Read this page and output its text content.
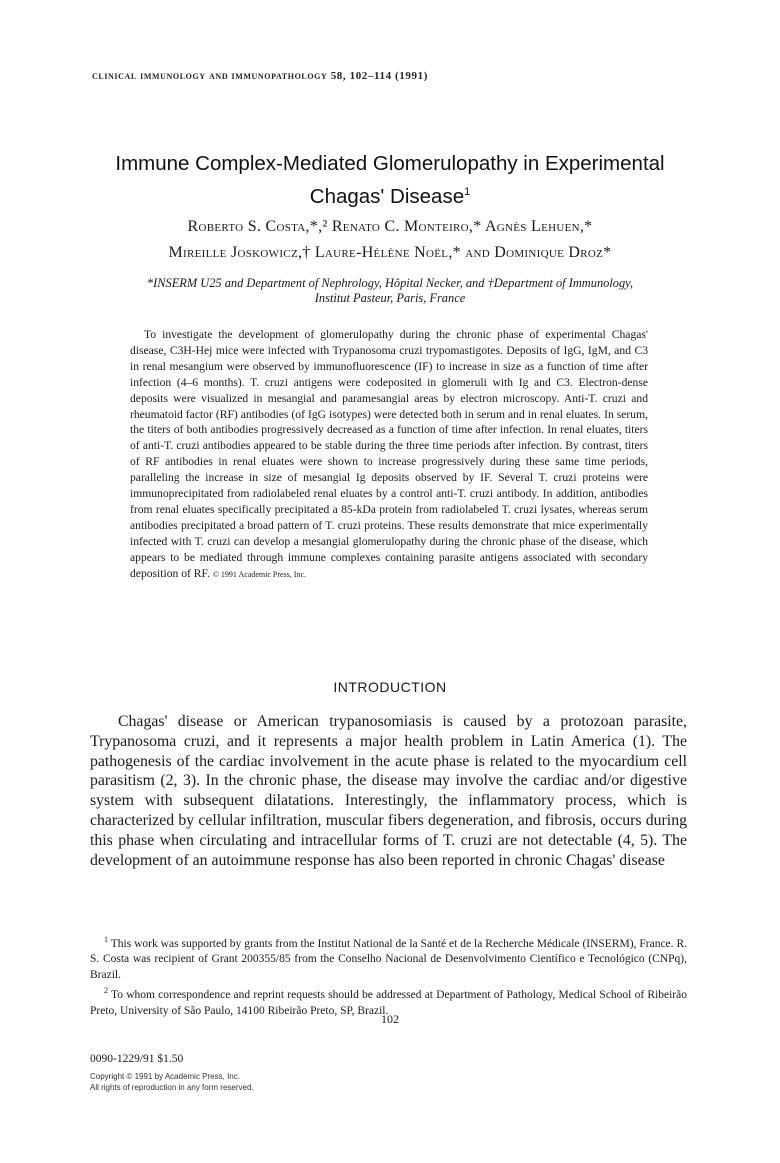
clinical immunology and immunopathology 58, 102–114 (1991)
Immune Complex-Mediated Glomerulopathy in Experimental
Chagas' Disease$^1$
Roberto S. Costa,*,² Renato C. Monteiro,* Agnès Lehuen,*
Mireille Joskowicz,† Laure-Hélène Noël,* and Dominique Droz*
*INSERM U25 and Department of Nephrology, Hôpital Necker, and †Department of Immunology,
Institut Pasteur, Paris, France
To investigate the development of glomerulopathy during the chronic phase of experimental Chagas' disease, C3H-Hej mice were infected with Trypanosoma cruzi trypomastigotes. Deposits of IgG, IgM, and C3 in renal mesangium were observed by immunofluorescence (IF) to increase in size as a function of time after infection (4–6 months). T. cruzi antigens were codeposited in glomeruli with Ig and C3. Electron-dense deposits were visualized in mesangial and paramesangial areas by electron microscopy. Anti-T. cruzi and rheumatoid factor (RF) antibodies (of IgG isotypes) were detected both in serum and in renal eluates. In serum, the titers of both antibodies progressively decreased as a function of time after infection. In renal eluates, titers of anti-T. cruzi antibodies appeared to be stable during the three time periods after infection. By contrast, titers of RF antibodies in renal eluates were shown to increase progressively during these same time periods, paralleling the increase in size of mesangial Ig deposits observed by IF. Several T. cruzi proteins were immunoprecipitated from radiolabeled renal eluates by a control anti-T. cruzi antibody. In addition, antibodies from renal eluates specifically precipitated a 85-kDa protein from radiolabeled T. cruzi lysates, whereas serum antibodies precipitated a broad pattern of T. cruzi proteins. These results demonstrate that mice experimentally infected with T. cruzi can develop a mesangial glomerulopathy during the chronic phase of the disease, which appears to be mediated through immune complexes containing parasite antigens associated with secondary deposition of RF. © 1991 Academic Press, Inc.
INTRODUCTION
Chagas' disease or American trypanosomiasis is caused by a protozoan parasite, Trypanosoma cruzi, and it represents a major health problem in Latin America (1). The pathogenesis of the cardiac involvement in the acute phase is related to the myocardium cell parasitism (2, 3). In the chronic phase, the disease may involve the cardiac and/or digestive system with subsequent dilatations. Interestingly, the inflammatory process, which is characterized by cellular infiltration, muscular fibers degeneration, and fibrosis, occurs during this phase when circulating and intracellular forms of T. cruzi are not detectable (4, 5). The development of an autoimmune response has also been reported in chronic Chagas' disease

$^1$ This work was supported by grants from the Institut National de la Santé et de la Recherche Médicale (INSERM), France. R. S. Costa was recipient of Grant 200355/85 from the Conselho Nacional de Desenvolvimento Científico e Tecnológico (CNPq), Brazil.

$^2$ To whom correspondence and reprint requests should be addressed at Department of Pathology, Medical School of Ribeirão Preto, University of São Paulo, 14100 Ribeirão Preto, SP, Brazil.

102
0090-1229/91 $1.50
Copyright © 1991 by Academic Press, Inc.
All rights of reproduction in any form reserved.
